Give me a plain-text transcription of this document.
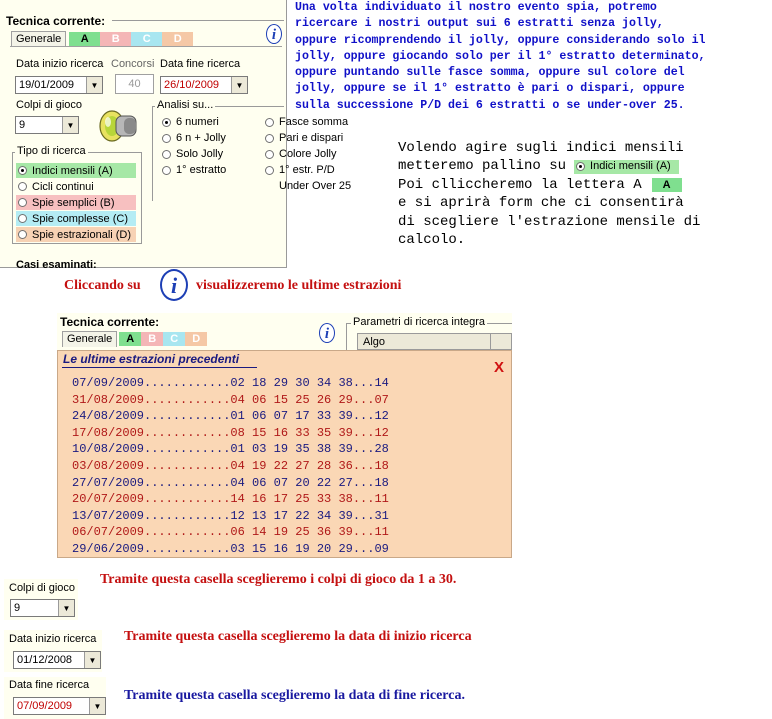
Tecnica corrente:
Generale	A	B	C	D	i
Data inizio ricerca
19/01/2009	▼
Concorsi
40
Data fine ricerca
26/10/2009	▼
Colpi di gioco
9	▼
Analisi su...
6 numeri
6 n + Jolly
Solo Jolly
1° estratto
Fasce somma
Pari e dispari
Colore Jolly
1° estr. P/D
Under Over 25
Tipo di ricerca
Indici mensili (A)
Cicli continui
Spie semplici (B)
Spie complesse (C)
Spie estrazionali (D)
Casi esaminati:
Una volta individuato il nostro evento spia, potremo
ricercare i nostri output sui 6 estratti senza jolly,
oppure ricomprendendo il jolly, oppure considerando solo il
jolly, oppure giocando solo per il 1° estratto determinato,
oppure puntando sulle fasce somma, oppure sul colore del
jolly, oppure se il 1° estratto è pari o dispari, oppure
sulla successione P/D dei 6 estratti o se under-over 25.
Volendo agire sugli indici mensili
metteremo pallino su Indici mensili (A)
Poi clliccheremo la lettera A	A
e si aprirà form che ci consentirà
di scegliere l'estrazione mensile di
calcolo.
Cliccando su	i	visualizzeremo le ultime estrazioni
Tecnica corrente:
Generale	A	B	C	D	i
Parametri di ricerca integra
Algo
Le ultime estrazioni precedenti	X
07/09/2009............02 18 29 30 34 38...14
31/08/2009............04 06 15 25 26 29...07
24/08/2009............01 06 07 17 33 39...12
17/08/2009............08 15 16 33 35 39...12
10/08/2009............01 03 19 35 38 39...28
03/08/2009............04 19 22 27 28 36...18
27/07/2009............04 06 07 20 22 27...18
20/07/2009............14 16 17 25 33 38...11
13/07/2009............12 13 17 22 34 39...31
06/07/2009............06 14 19 25 36 39...11
29/06/2009............03 15 16 19 20 29...09
Colpi di gioco
9	▼
Tramite questa casella sceglieremo i colpi di gioco da 1 a 30.
Data inizio ricerca
01/12/2008	▼
Tramite questa casella sceglieremo la data di inizio ricerca
Data fine ricerca
07/09/2009	▼
Tramite questa casella sceglieremo la data di fine ricerca.
